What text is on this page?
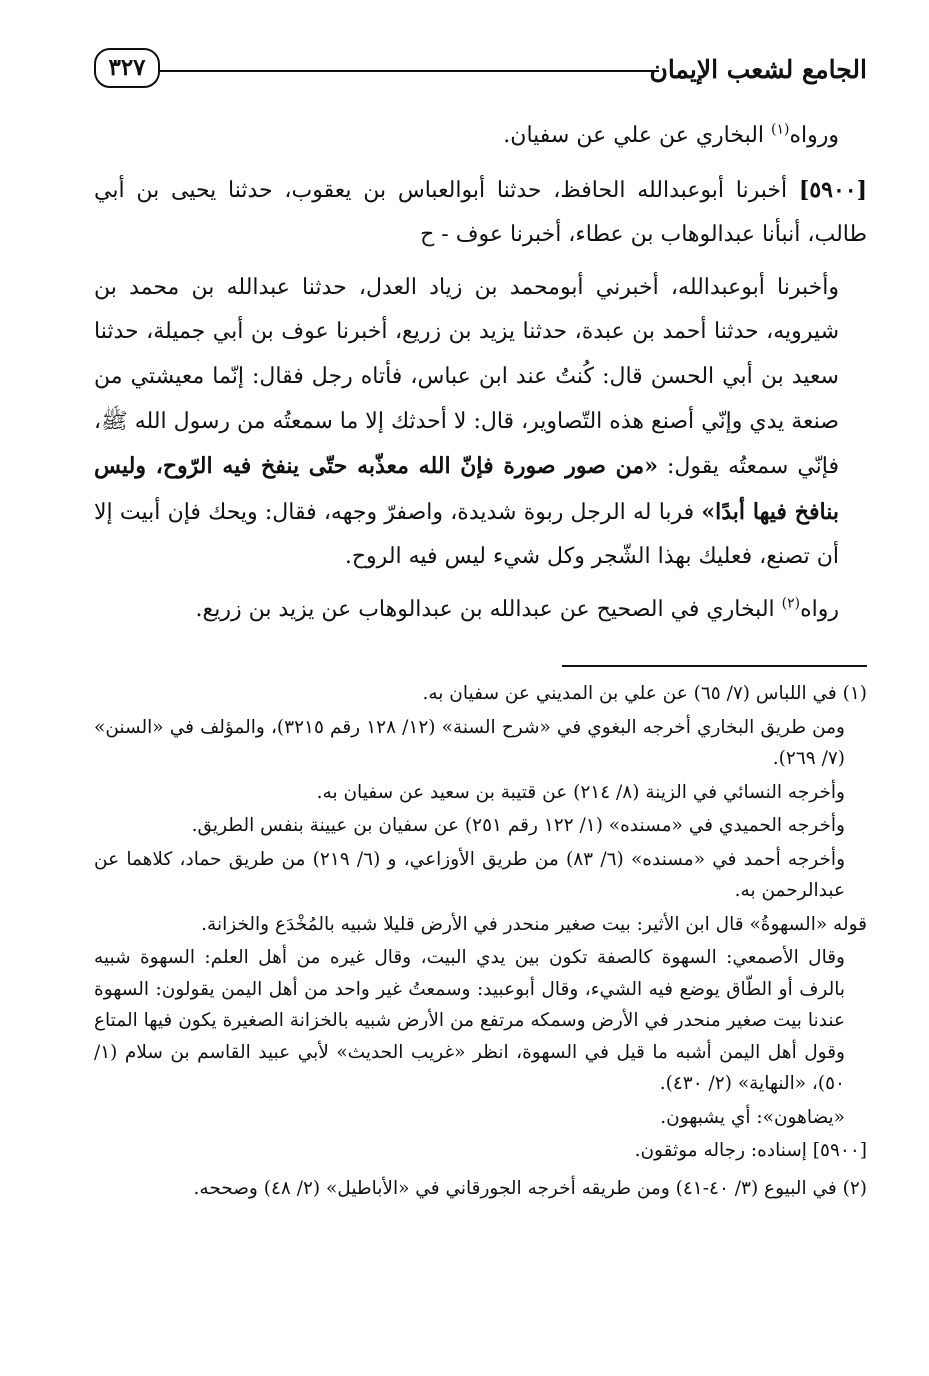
الجامع لشعب الإيمان
٣٢٧

ورواه$^{(١)}$ البخاري عن علي عن سفيان.

[٥٩٠٠] أخبرنا أبوعبدالله الحافظ، حدثنا أبوالعباس بن يعقوب، حدثنا يحيى بن أبي طالب، أنبأنا عبدالوهاب بن عطاء، أخبرنا عوف - ح

وأخبرنا أبوعبدالله، أخبرني أبومحمد بن زياد العدل، حدثنا عبدالله بن محمد بن شيرويه، حدثنا أحمد بن عبدة، حدثنا يزيد بن زريع، أخبرنا عوف بن أبي جميلة، حدثنا سعيد بن أبي الحسن قال: كُنتُ عند ابن عباس، فأتاه رجل فقال: إنّما معيشتي من صنعة يدي وإنّي أصنع هذه التّصاوير، قال: لا أحدثك إلا ما سمعتُه من رسول الله ﷺ، فإنّي سمعتُه يقول: «من صور صورة فإنّ الله معذّبه حتّى ينفخ فيه الرّوح، وليس بنافخ فيها أبدًا» فربا له الرجل ربوة شديدة، واصفرّ وجهه، فقال: ويحك فإن أبيت إلا أن تصنع، فعليك بهذا الشّجر وكل شيء ليس فيه الروح.

رواه$^{(٢)}$ البخاري في الصحيح عن عبدالله بن عبدالوهاب عن يزيد بن زريع.

(١) في اللباس (٧/ ٦٥) عن علي بن المديني عن سفيان به.

ومن طريق البخاري أخرجه البغوي في «شرح السنة» (١٢/ ١٢٨ رقم ٣٢١٥)، والمؤلف في «السنن» (٧/ ٢٦٩).

وأخرجه النسائي في الزينة (٨/ ٢١٤) عن قتيبة بن سعيد عن سفيان به.

وأخرجه الحميدي في «مسنده» (١/ ١٢٢ رقم ٢٥١) عن سفيان بن عيينة بنفس الطريق.

وأخرجه أحمد في «مسنده» (٦/ ٨٣) من طريق الأوزاعي، و (٦/ ٢١٩) من طريق حماد، كلاهما عن عبدالرحمن به.

قوله «السهوةُ» قال ابن الأثير: بيت صغير منحدر في الأرض قليلا شبيه بالمُخْدَع والخزانة.

وقال الأصمعي: السهوة كالصفة تكون بين يدي البيت، وقال غيره من أهل العلم: السهوة شبيه بالرف أو الطّاق يوضع فيه الشيء، وقال أبوعبيد: وسمعتُ غير واحد من أهل اليمن يقولون: السهوة عندنا بيت صغير منحدر في الأرض وسمكه مرتفع من الأرض شبيه بالخزانة الصغيرة يكون فيها المتاع وقول أهل اليمن أشبه ما قيل في السهوة، انظر «غريب الحديث» لأبي عبيد القاسم بن سلام (١/ ٥٠)، «النهاية» (٢/ ٤٣٠).

«يضاهون»: أي يشبهون.

[٥٩٠٠] إسناده: رجاله موثقون.

(٢) في البيوع (٣/ ٤٠-٤١) ومن طريقه أخرجه الجورقاني في «الأباطيل» (٢/ ٤٨) وصححه.
